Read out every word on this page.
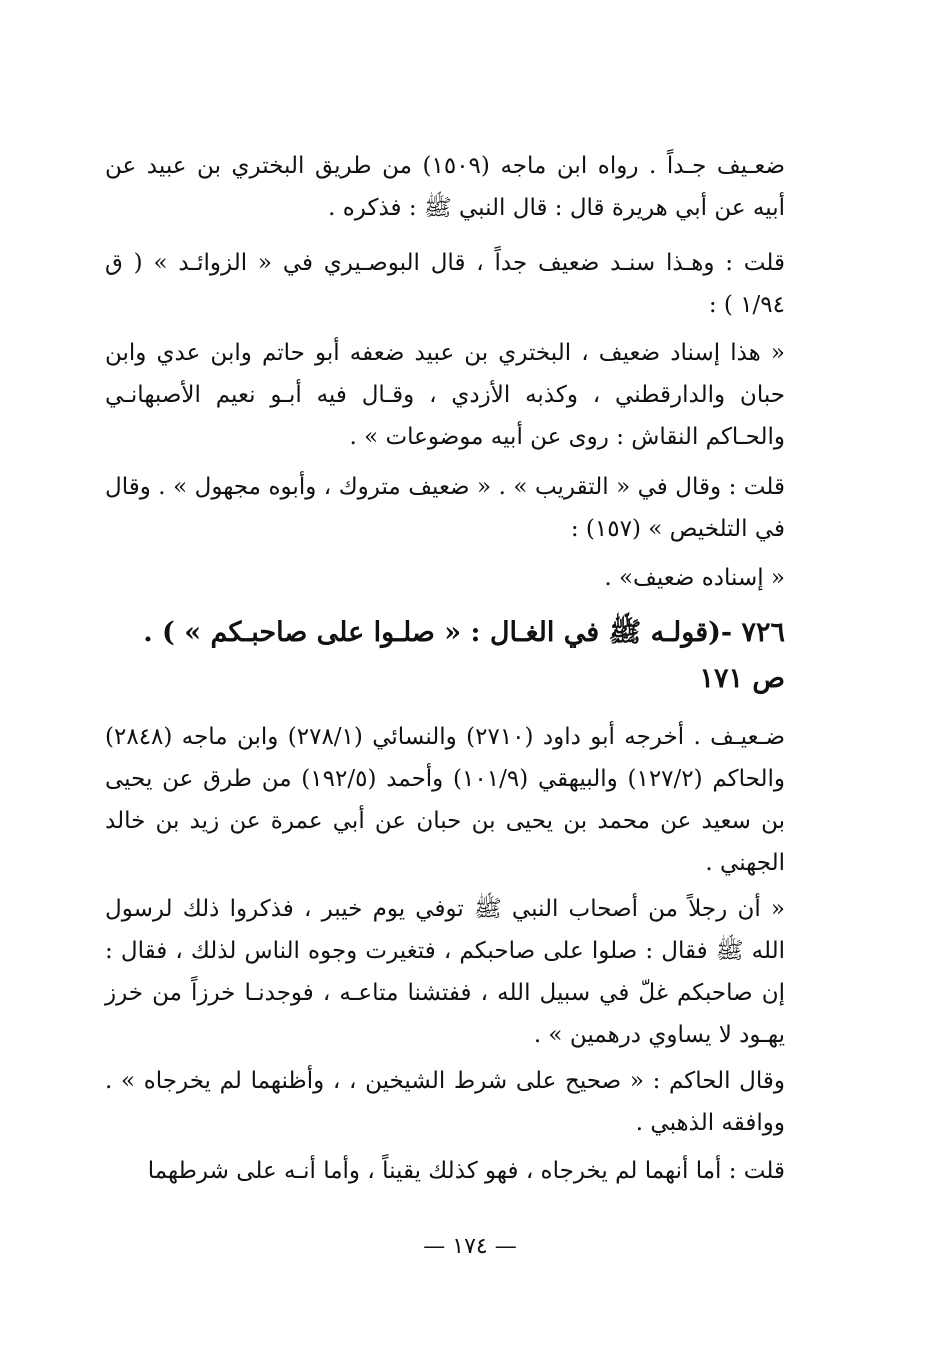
ضعـيف جـداً . رواه ابن ماجه (١٥٠٩) من طريق البختري بن عبيد عن أبيه عن أبي هريرة قال : قال النبي ﷺ : فذكره .

قلت : وهـذا سنـد ضعيف جداً ، قال البوصـيري في « الزوائـد » ( ق ١/٩٤ ) :

« هذا إسناد ضعيف ، البختري بن عبيد ضعفه أبو حاتم وابن عدي وابن حبان والدارقطني ، وكذبه الأزدي ، وقـال فيه أبـو نعيم الأصبهانـي والحـاكم النقاش : روى عن أبيه موضوعات » .

قلت : وقال في « التقريب » . « ضعيف متروك ، وأبوه مجهول » . وقال في التلخيص » (١٥٧) :

« إسناده ضعيف» .

٧٢٦ -(قولـه ﷺ في الغـال : « صلـوا على صاحبـكم » ) .
ص ١٧١

ضـعيـف . أخرجه أبو داود (٢٧١٠) والنسائي (٢٧٨/١) وابن ماجه (٢٨٤٨) والحاكم (١٢٧/٢) والبيهقي (١٠١/٩) وأحمد (١٩٢/٥) من طرق عن يحيى بن سعيد عن محمد بن يحيى بن حبان عن أبي عمرة عن زيد بن خالد الجهني .

« أن رجلاً من أصحاب النبي ﷺ توفي يوم خيبر ، فذكروا ذلك لرسول الله ﷺ فقال : صلوا على صاحبكم ، فتغيرت وجوه الناس لذلك ، فقال : إن صاحبكم غلّ في سبيل الله ، ففتشنا متاعـه ، فوجدنـا خرزاً من خرز يهـود لا يساوي درهمين » .

وقال الحاكم : « صحيح على شرط الشيخين ، ، وأظنهما لم يخرجاه » . ووافقه الذهبي .

قلت : أما أنهما لم يخرجاه ، فهو كذلك يقيناً ، وأما أنـه على شرطهما

— ١٧٤ —
